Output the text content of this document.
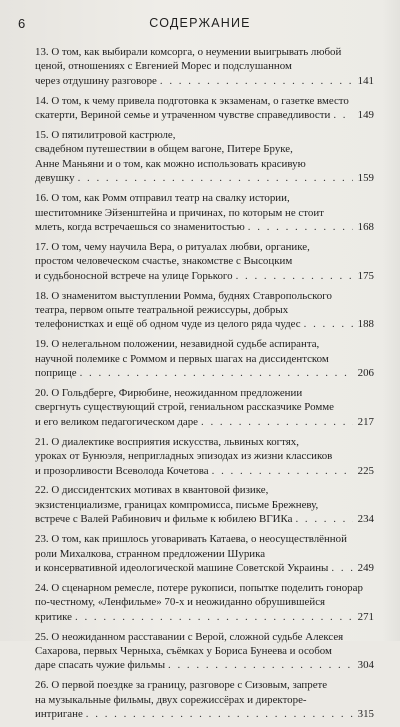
6	СОДЕРЖАНИЕ
13. О том, как выбирали комсорга, о неумении выигрывать любой
ценой, отношениях с Евгенией Морес и подслушанном
через отдушину разговоре . . .	141
14. О том, к чему привела подготовка к экзаменам, о газетке вместо
скатерти, Вериной семье и утраченном чувстве справедливости . . .	149
15. О пятилитровой кастрюле,
свадебном путешествии в общем вагоне, Питере Бруке,
Анне Маньяни и о том, как можно использовать красивую
девушку . . .	159
16. О том, как Ромм отправил театр на свалку истории,
шеститомнике Эйзенштейна и причинах, по которым не стоит
млеть, когда встречаешься со знаменитостью . . .	168
17. О том, чему научила Вера, о ритуалах любви, органике,
простом человеческом счастье, знакомстве с Высоцким
и судьбоносной встрече на улице Горького . . .	175
18. О знаменитом выступлении Ромма, буднях Ставропольского
театра, первом опыте театральной режиссуры, добрых
телефонистках и ещё об одном чуде из целого ряда чудес . . .	188
19. О нелегальном положении, незавидной судьбе аспиранта,
научной полемике с Роммом и первых шагах на диссидентском
поприще . . .	206
20. О Гольдберге, Фирюбине, неожиданном предложении
свергнуть существующий строй, гениальном рассказчике Ромме
и его великом педагогическом даре . . .	217
21. О диалектике восприятия искусства, львиных когтях,
уроках от Бунюэля, непригладных эпизодах из жизни классиков
и прозорливости Всеволода Кочетова . . .	225
22. О диссидентских мотивах в квантовой физике,
экзистенциализме, границах компромисса, письме Брежневу,
встрече с Валей Рабинович и фильме к юбилею ВГИКа . . .	234
23. О том, как пришлось уговаривать Катаева, о неосуществлённой
роли Михалкова, странном предложении Шурика
и консервативной идеологической машине Советской Украины . . .	249
24. О сценарном ремесле, потере рукописи, попытке поделить гонорар
по-честному, «Ленфильме» 70-х и неожиданно обрушившейся
критике . . .	271
25. О неожиданном расставании с Верой, сложной судьбе Алексея
Сахарова, первых Черныха, съёмках у Бориса Бунеева и особом
даре спасать чужие фильмы . . .	304
26. О первой поездке за границу, разговоре с Сизовым, запрете
на музыкальные фильмы, двух сорежиссёрах и директоре-
интригане . . .	315
